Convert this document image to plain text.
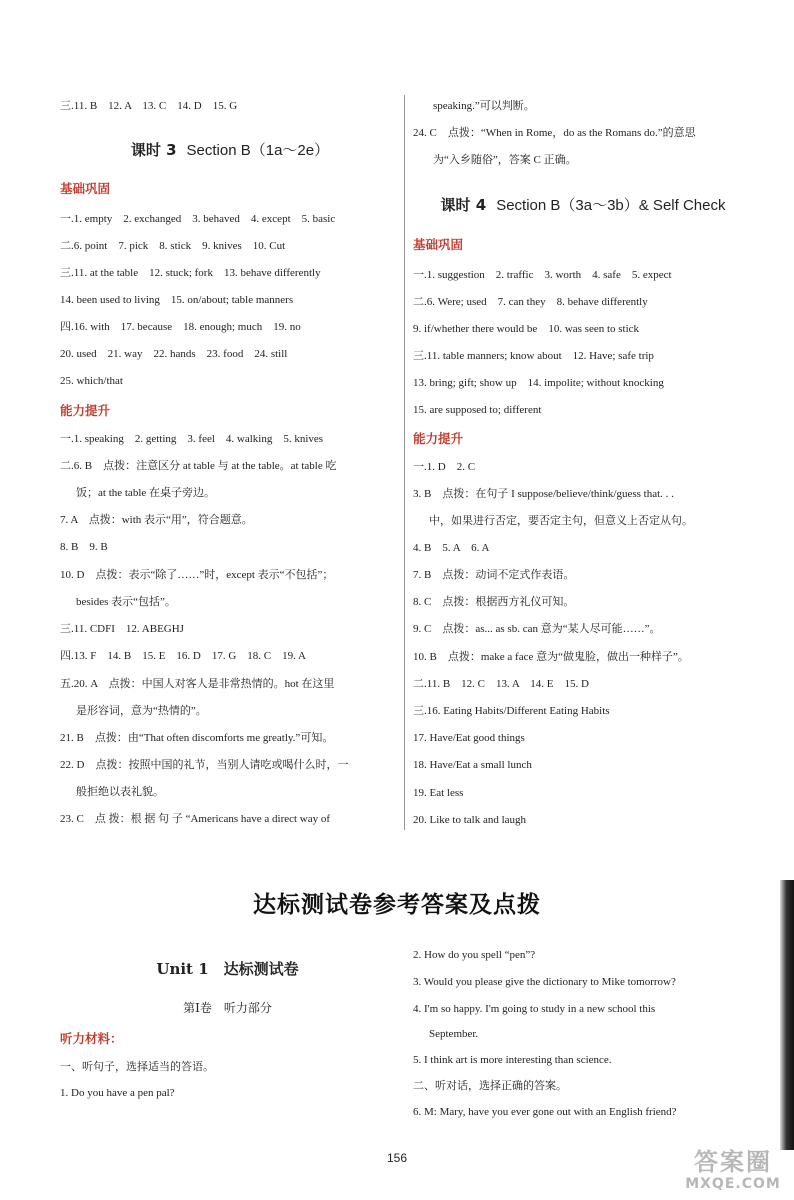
三.11. B　12. A　13. C　14. D　15. G
课时 3 Section B（1a～2e）
基础巩固
一.1. empty　2. exchanged　3. behaved　4. except　5. basic
二.6. point　7. pick　8. stick　9. knives　10. Cut
三.11. at the table　12. stuck; fork　13. behave differently
14. been used to living　15. on/about; table manners
四.16. with　17. because　18. enough; much　19. no
20. used　21. way　22. hands　23. food　24. still
25. which/that
能力提升
一.1. speaking　2. getting　3. feel　4. walking　5. knives
二.6. B　点拨：注意区分 at table 与 at the table。at table 吃
饭；at the table 在桌子旁边。
7. A　点拨：with 表示“用”，符合题意。
8. B　9. B
10. D　点拨：表示“除了……”时，except 表示“不包括”；
besides 表示“包括”。
三.11. CDFI　12. ABEGHJ
四.13. F　14. B　15. E　16. D　17. G　18. C　19. A
五.20. A　点拨：中国人对客人是非常热情的。hot 在这里
是形容词，意为“热情的”。
21. B　点拨：由“That often discomforts me greatly.”可知。
22. D　点拨：按照中国的礼节，当别人请吃或喝什么时，一
般拒绝以表礼貌。
23. C　点 拨：根 据 句 子 “Americans have a direct way of
speaking.”可以判断。
24. C　点拨：“When in Rome，do as the Romans do.”的意思
为“入乡随俗”，答案 C 正确。
课时 4 Section B（3a～3b）& Self Check
基础巩固
一.1. suggestion　2. traffic　3. worth　4. safe　5. expect
二.6. Were; used　7. can they　8. behave differently
9. if/whether there would be　10. was seen to stick
三.11. table manners; know about　12. Have; safe trip
13. bring; gift; show up　14. impolite; without knocking
15. are supposed to; different
能力提升
一.1. D　2. C
3. B　点拨：在句子 I suppose/believe/think/guess that. . .
中，如果进行否定，要否定主句，但意义上否定从句。
4. B　5. A　6. A
7. B　点拨：动词不定式作表语。
8. C　点拨：根据西方礼仪可知。
9. C　点拨：as... as sb. can 意为“某人尽可能……”。
10. B　点拨：make a face 意为“做鬼脸，做出一种样子”。
二.11. B　12. C　13. A　14. E　15. D
三.16. Eating Habits/Different Eating Habits
17. Have/Eat good things
18. Have/Eat a small lunch
19. Eat less
20. Like to talk and laugh
达标测试卷参考答案及点拨
Unit 1　达标测试卷
第Ⅰ卷　听力部分
听力材料：
一、听句子，选择适当的答语。
1. Do you have a pen pal?
2. How do you spell “pen”?
3. Would you please give the dictionary to Mike tomorrow?
4. I'm so happy. I'm going to study in a new school this
September.
5. I think art is more interesting than science.
二、听对话，选择正确的答案。
6. M: Mary, have you ever gone out with an English friend?
156	答案圈
MXQE.COM
